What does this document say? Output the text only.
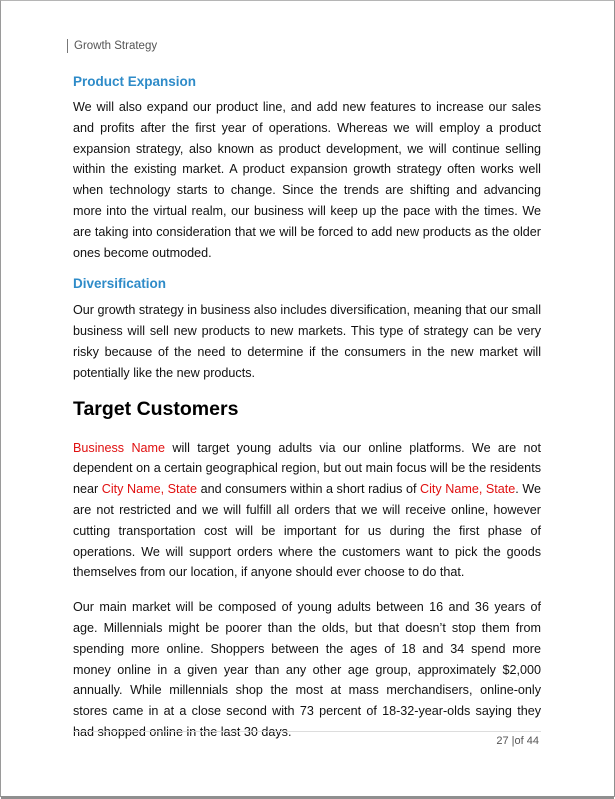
Growth Strategy
Product Expansion

We will also expand our product line, and add new features to increase our sales and profits after the first year of operations. Whereas we will employ a product expansion strategy, also known as product development, we will continue selling within the existing market. A product expansion growth strategy often works well when technology starts to change. Since the trends are shifting and advancing more into the virtual realm, our business will keep up the pace with the times. We are taking into consideration that we will be forced to add new products as the older ones become outmoded.

Diversification

Our growth strategy in business also includes diversification, meaning that our small business will sell new products to new markets. This type of strategy can be very risky because of the need to determine if the consumers in the new market will potentially like the new products.

Target Customers

Business Name will target young adults via our online platforms. We are not dependent on a certain geographical region, but out main focus will be the residents near City Name, State and consumers within a short radius of City Name, State. We are not restricted and we will fulfill all orders that we will receive online, however cutting transportation cost will be important for us during the first phase of operations. We will support orders where the customers want to pick the goods themselves from our location, if anyone should ever choose to do that.

Our main market will be composed of young adults between 16 and 36 years of age. Millennials might be poorer than the olds, but that doesn’t stop them from spending more online. Shoppers between the ages of 18 and 34 spend more money online in a given year than any other age group, approximately $2,000 annually. While millennials shop the most at mass merchandisers, online-only stores came in at a close second with 73 percent of 18-32-year-olds saying they

27 |of 44
